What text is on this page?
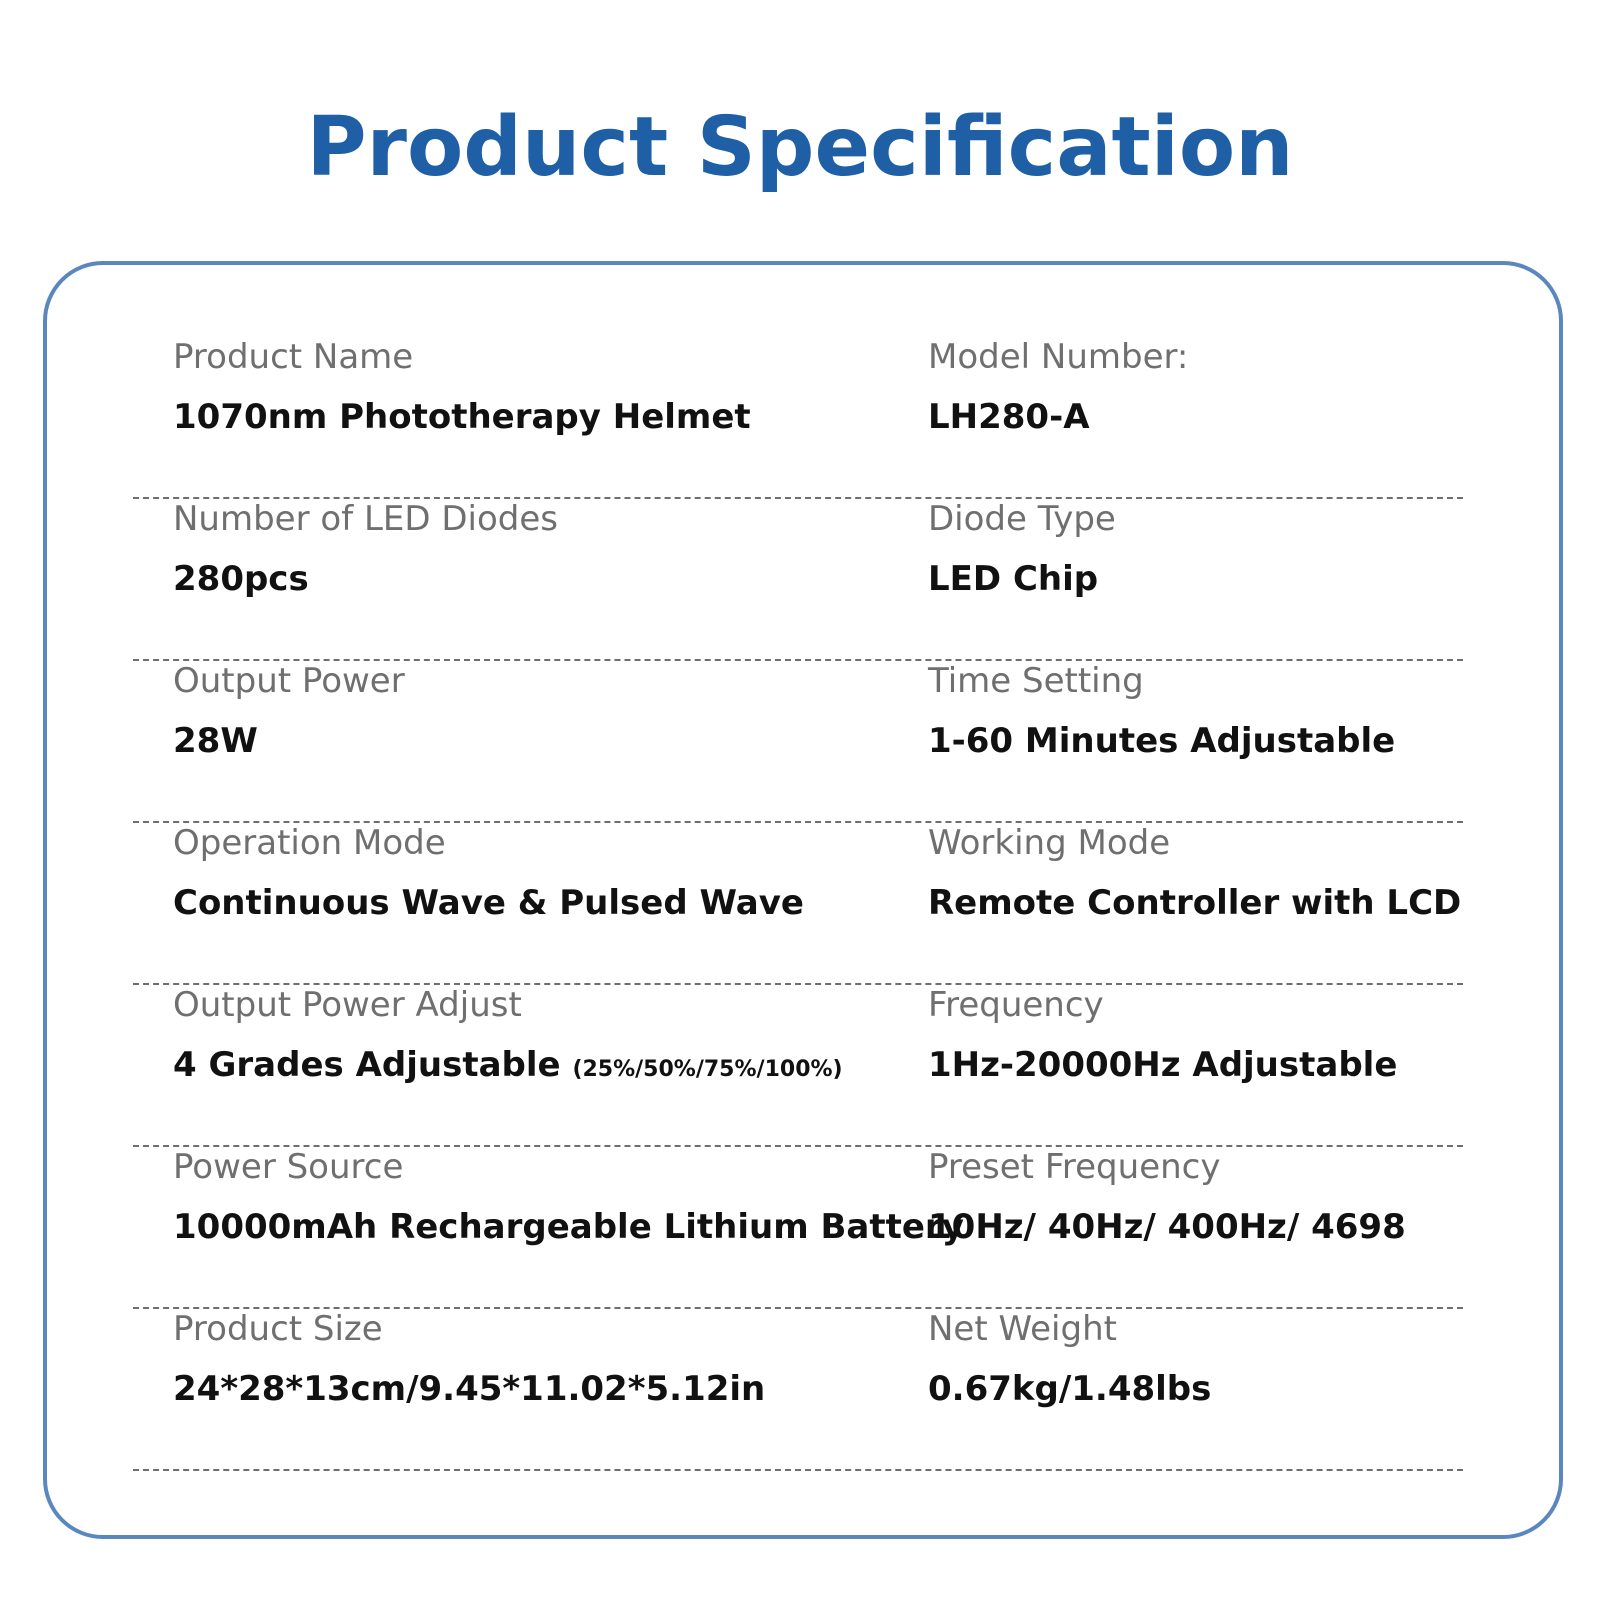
Product Specification
Product Name
1070nm Phototherapy Helmet
Model Number:
LH280-A
Number of LED Diodes
280pcs
Diode Type
LED Chip
Output Power
28W
Time Setting
1-60 Minutes Adjustable
Operation Mode
Continuous Wave & Pulsed Wave
Working Mode
Remote Controller with LCD
Output Power Adjust
4 Grades Adjustable (25%/50%/75%/100%)
Frequency
1Hz-20000Hz Adjustable
Power Source
10000mAh Rechargeable Lithium Battery
Preset Frequency
10Hz/ 40Hz/ 400Hz/ 4698
Product Size
24*28*13cm/9.45*11.02*5.12in
Net Weight
0.67kg/1.48lbs
